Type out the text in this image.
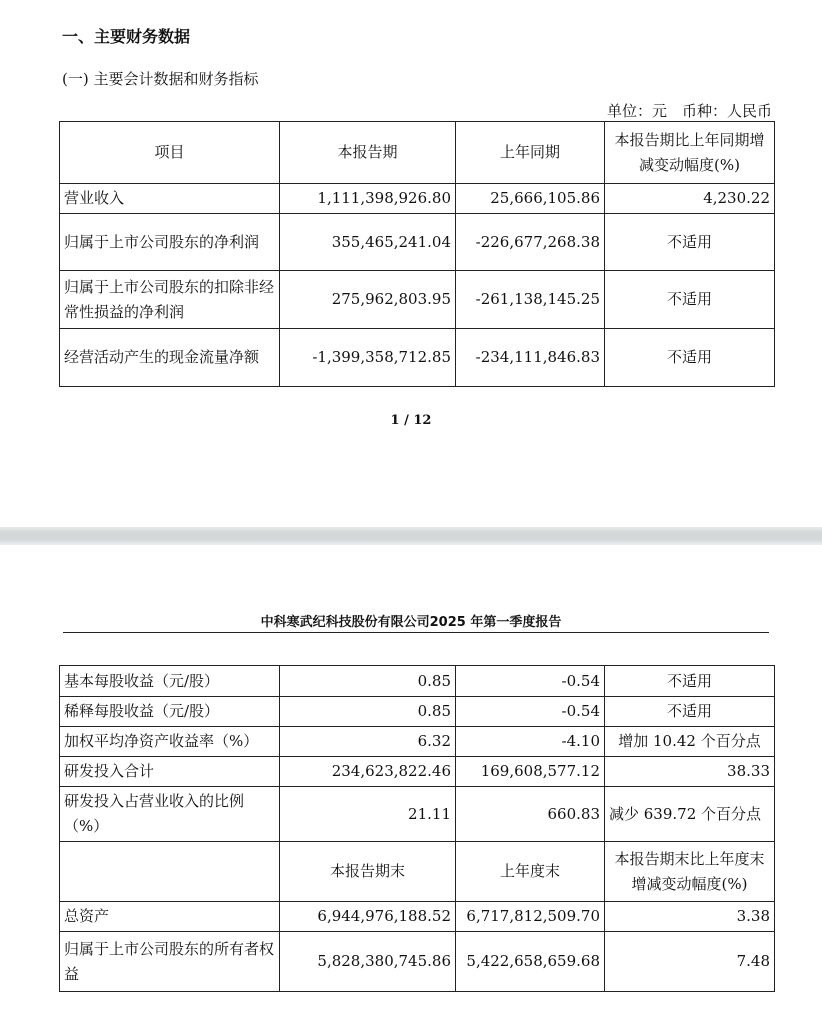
一、主要财务数据
(一) 主要会计数据和财务指标
单位：元　币种：人民币
项目	本报告期	上年同期	本报告期比上年同期增减变动幅度(%)
营业收入	1,111,398,926.80	25,666,105.86	4,230.22
归属于上市公司股东的净利润	355,465,241.04	-226,677,268.38	不适用
归属于上市公司股东的扣除非经常性损益的净利润	275,962,803.95	-261,138,145.25	不适用
经营活动产生的现金流量净额	-1,399,358,712.85	-234,111,846.83	不适用
1 / 12
中科寒武纪科技股份有限公司2025 年第一季度报告
基本每股收益（元/股）	0.85	-0.54	不适用
稀释每股收益（元/股）	0.85	-0.54	不适用
加权平均净资产收益率（%）	6.32	-4.10	增加 10.42 个百分点
研发投入合计	234,623,822.46	169,608,577.12	38.33
研发投入占营业收入的比例（%）	21.11	660.83	减少 639.72 个百分点
	本报告期末	上年度末	本报告期末比上年度末增减变动幅度(%)
总资产	6,944,976,188.52	6,717,812,509.70	3.38
归属于上市公司股东的所有者权益	5,828,380,745.86	5,422,658,659.68	7.48
